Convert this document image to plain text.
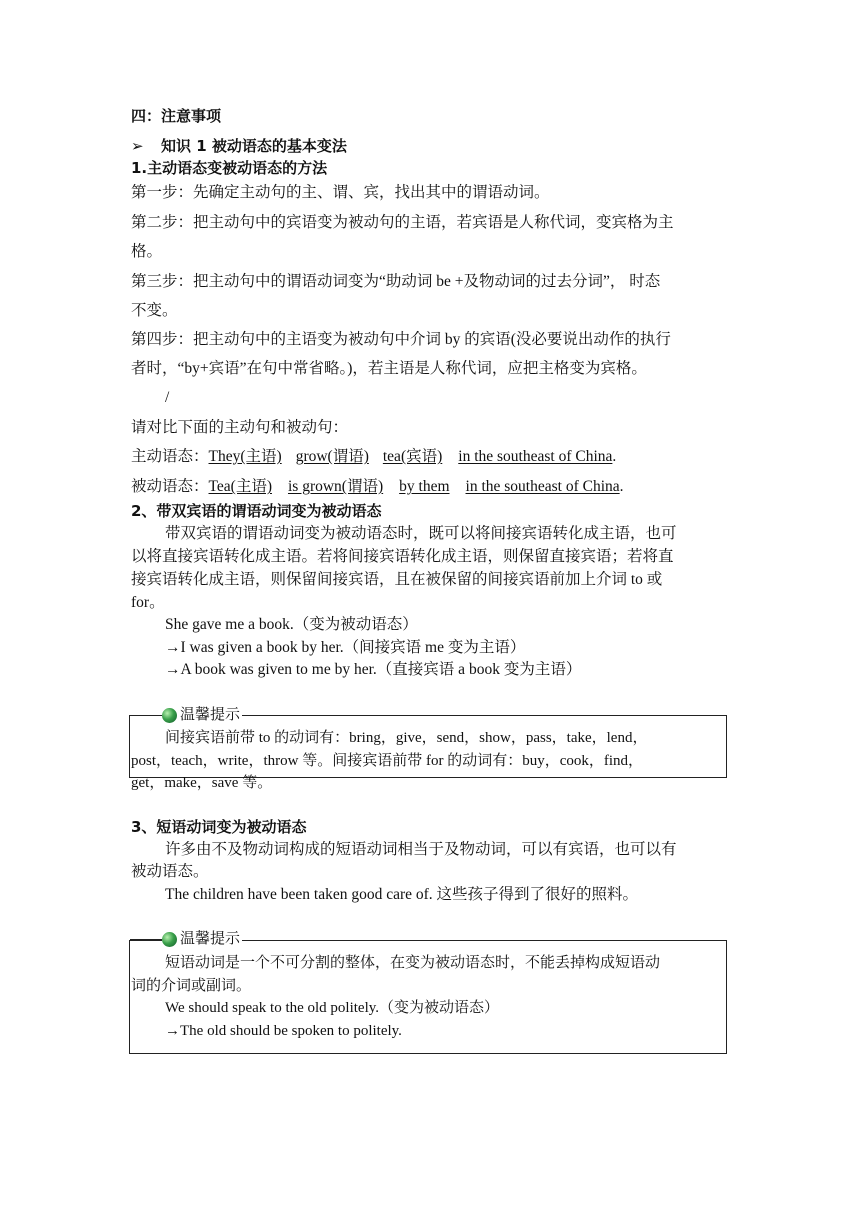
四：注意事项
➢ 知识 1 被动语态的基本变法
1.主动语态变被动语态的方法
第一步：先确定主动句的主、谓、宾，找出其中的谓语动词。
第二步：把主动句中的宾语变为被动句的主语，若宾语是人称代词，变宾格为主
格。
第三步：把主动句中的谓语动词变为“助动词 be +及物动词的过去分词”， 时态
不变。
第四步：把主动句中的主语变为被动句中介词 by 的宾语(没必要说出动作的执行
者时，“by+宾语”在句中常省略。)，若主语是人称代词，应把主格变为宾格。
/
请对比下面的主动句和被动句：
主动语态：They(主语) grow(谓语) tea(宾语) in the southeast of China.
被动语态：Tea(主语) is grown(谓语) by them in the southeast of China.
2、带双宾语的谓语动词变为被动语态
带双宾语的谓语动词变为被动语态时，既可以将间接宾语转化成主语，也可
以将直接宾语转化成主语。若将间接宾语转化成主语，则保留直接宾语；若将直
接宾语转化成主语，则保留间接宾语，且在被保留的间接宾语前加上介词 to 或
for。
She gave me a book.（变为被动语态）
→I was given a book by her.（间接宾语 me 变为主语）
→A book was given to me by her.（直接宾语 a book 变为主语）
温馨提示
间接宾语前带 to 的动词有：bring，give，send，show，pass，take，lend，
post，teach，write，throw 等。间接宾语前带 for 的动词有：buy，cook，find，
get，make，save 等。
3、短语动词变为被动语态
许多由不及物动词构成的短语动词相当于及物动词，可以有宾语，也可以有
被动语态。
The children have been taken good care of. 这些孩子得到了很好的照料。
温馨提示
短语动词是一个不可分割的整体，在变为被动语态时，不能丢掉构成短语动
词的介词或副词。
We should speak to the old politely.（变为被动语态）
→The old should be spoken to politely.
